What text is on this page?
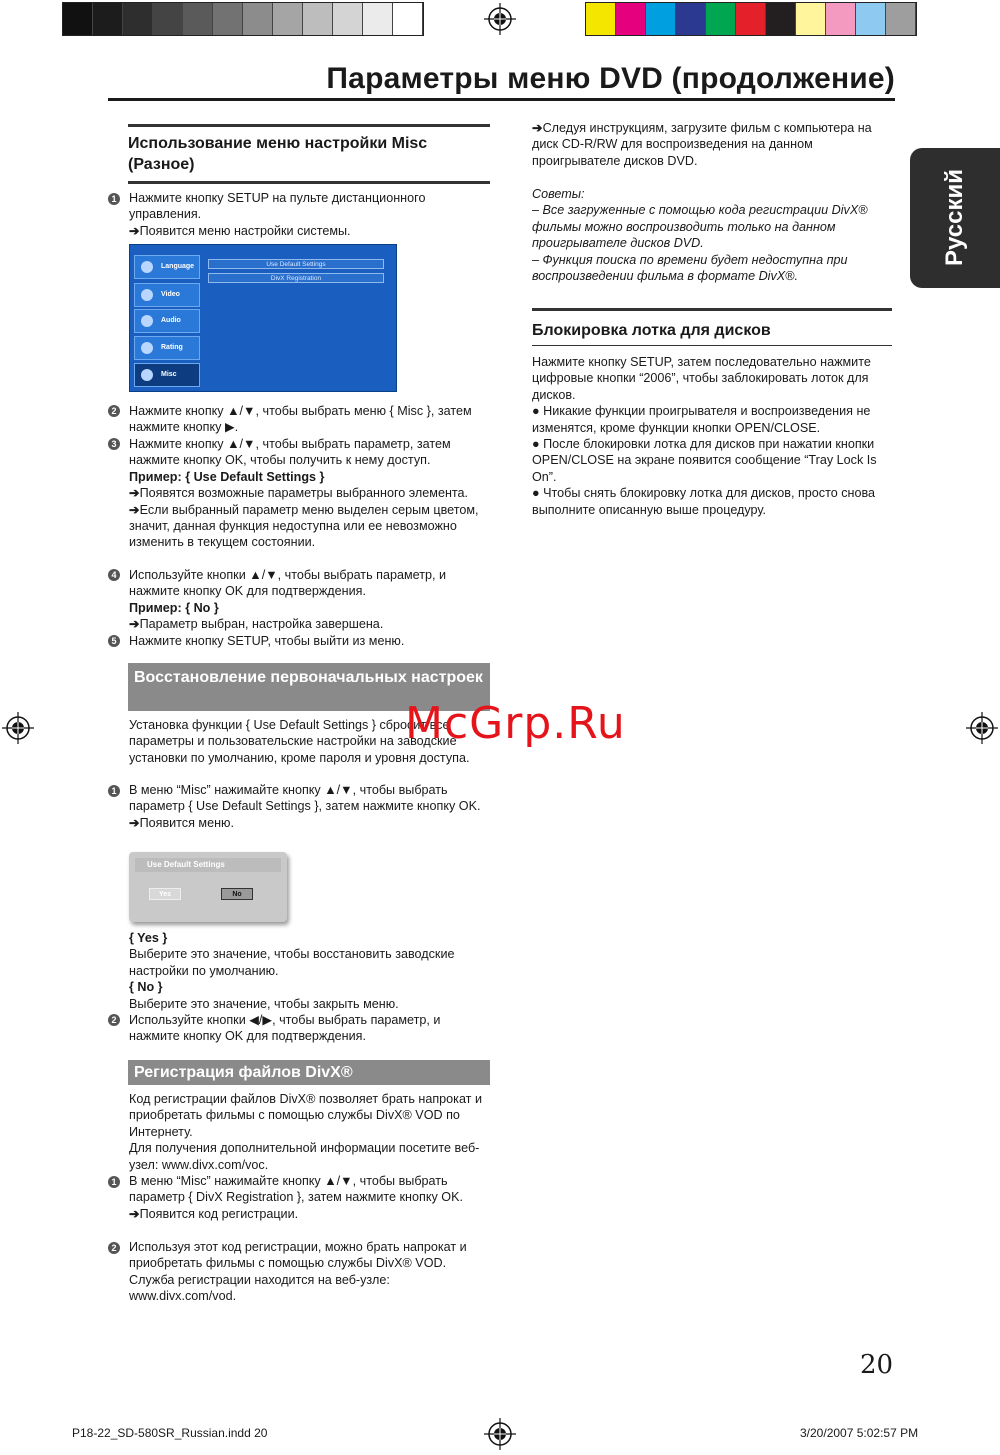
Параметры меню DVD (продолжение)
Русский
Использование меню настройки Misc (Разное)
1 Нажмите кнопку SETUP на пульте дистанционного управления.
➔Появится меню настройки системы.
Language
Video
Audio
Rating
Misc
Use Default Settings
DivX Registration
2 Нажмите кнопку ▲/▼, чтобы выбрать меню { Misc }, затем нажмите кнопку ▶.
3 Нажмите кнопку ▲/▼, чтобы выбрать параметр, затем нажмите кнопку OK, чтобы получить к нему доступ.
Пример: { Use Default Settings }
➔Появятся возможные параметры выбранного элемента.
➔Если выбранный параметр меню выделен серым цветом, значит, данная функция недоступна или ее невозможно изменить в текущем состоянии.
4 Используйте кнопки ▲/▼, чтобы выбрать параметр, и нажмите кнопку OK для подтверждения.
Пример: { No }
➔Параметр выбран, настройка завершена.
5 Нажмите кнопку SETUP, чтобы выйти из меню.
Восстановление первоначальных настроек
Установка функции { Use Default Settings } сбросит все параметры и пользовательские настройки на заводские установки по умолчанию, кроме пароля и уровня доступа.
1 В меню “Misc” нажимайте кнопку ▲/▼, чтобы выбрать параметр { Use Default Settings }, затем нажмите кнопку OK.
➔Появится меню.
Use Default Settings
Yes	No
{ Yes }
Выберите это значение, чтобы восстановить заводские настройки по умолчанию.
{ No }
Выберите это значение, чтобы закрыть меню.
2 Используйте кнопки ◀/▶, чтобы выбрать параметр, и нажмите кнопку OK для подтверждения.
Регистрация файлов DivX®
Код регистрации файлов DivX® позволяет брать напрокат и приобретать фильмы с помощью службы DivX® VOD по Интернету.
Для получения дополнительной информации посетите веб-узел: www.divx.com/voc.
1 В меню “Misc” нажимайте кнопку ▲/▼, чтобы выбрать параметр { DivX Registration }, затем нажмите кнопку OK.
➔Появится код регистрации.
2 Используя этот код регистрации, можно брать напрокат и приобретать фильмы с помощью службы DivX® VOD. Служба регистрации находится на веб-узле: www.divx.com/vod.
➔Следуя инструкциям, загрузите фильм с компьютера на диск CD-R/RW для воспроизведения на данном проигрывателе дисков DVD.
Советы:
– Все загруженные с помощью кода регистрации DivX® фильмы можно воспроизводить только на данном проигрывателе дисков DVD.
– Функция поиска по времени будет недоступна при воспроизведении фильма в формате DivX®.
Блокировка лотка для дисков
Нажмите кнопку SETUP, затем последовательно нажмите цифровые кнопки “2006”, чтобы заблокировать лоток для дисков.
● Никакие функции проигрывателя и воспроизведения не изменятся, кроме функции кнопки OPEN/CLOSE.
● После блокировки лотка для дисков при нажатии кнопки OPEN/CLOSE на экране появится сообщение “Tray Lock Is On”.
● Чтобы снять блокировку лотка для дисков, просто снова выполните описанную выше процедуру.
McGrp.Ru
20
P18-22_SD-580SR_Russian.indd 20	3/20/2007 5:02:57 PM
